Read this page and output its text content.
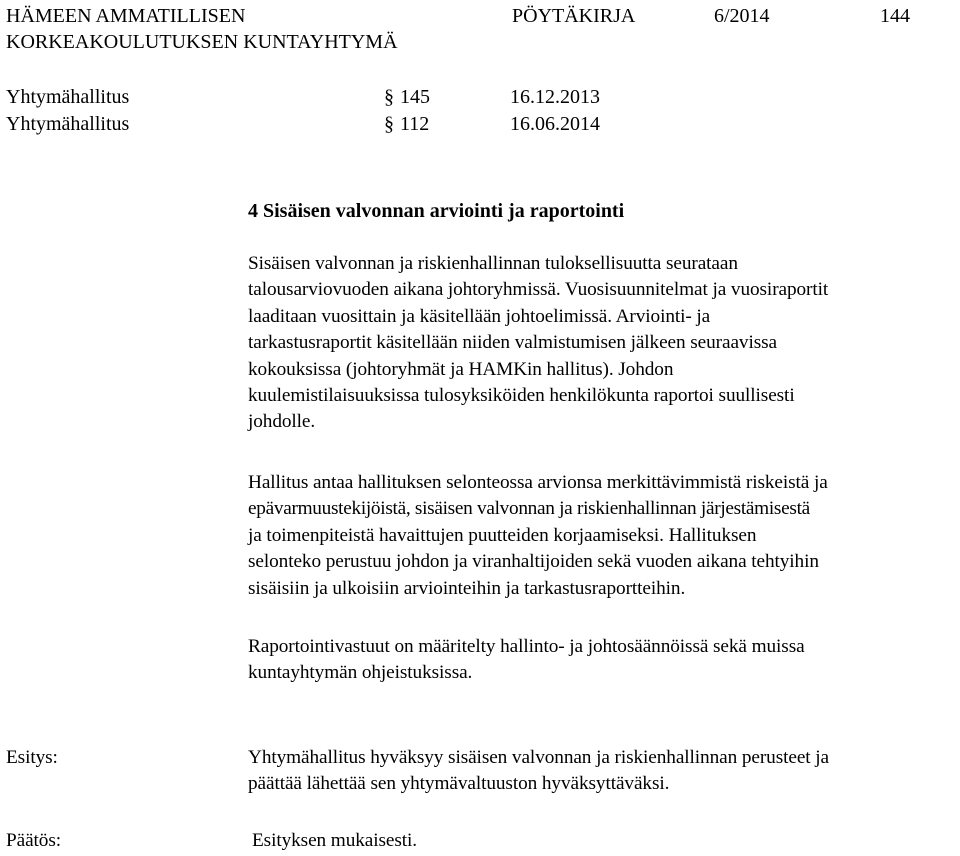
HÄMEEN AMMATILLISEN
KORKEAKOULUTUKSEN KUNTAYHTYMÄ
PÖYTÄKIRJA	6/2014	144
Yhtymähallitus	§ 145	16.12.2013
Yhtymähallitus	§ 112	16.06.2014
4 Sisäisen valvonnan arviointi ja raportointi
Sisäisen valvonnan ja riskienhallinnan tuloksellisuutta seurataan
talousarviovuoden aikana johtoryhmissä. Vuosisuunnitelmat ja vuosiraportit
laaditaan vuosittain ja käsitellään johtoelimissä. Arviointi- ja
tarkastusraportit käsitellään niiden valmistumisen jälkeen seuraavissa
kokouksissa (johtoryhmät ja HAMKin hallitus). Johdon
kuulemistilaisuuksissa tulosyksiköiden henkilökunta raportoi suullisesti
johdolle.
Hallitus antaa hallituksen selonteossa arvionsa merkittävimmistä riskeistä ja
epävarmuustekijöistä, sisäisen valvonnan ja riskienhallinnan järjestämisestä
ja toimenpiteistä havaittujen puutteiden korjaamiseksi. Hallituksen
selonteko perustuu johdon ja viranhaltijoiden sekä vuoden aikana tehtyihin
sisäisiin ja ulkoisiin arviointeihin ja tarkastusraportteihin.
Raportointivastuut on määritelty hallinto- ja johtosäännöissä sekä muissa
kuntayhtymän ohjeistuksissa.
Esitys:	Yhtymähallitus hyväksyy sisäisen valvonnan ja riskienhallinnan perusteet ja
päättää lähettää sen yhtymävaltuuston hyväksyttäväksi.
Päätös:	Esityksen mukaisesti.
